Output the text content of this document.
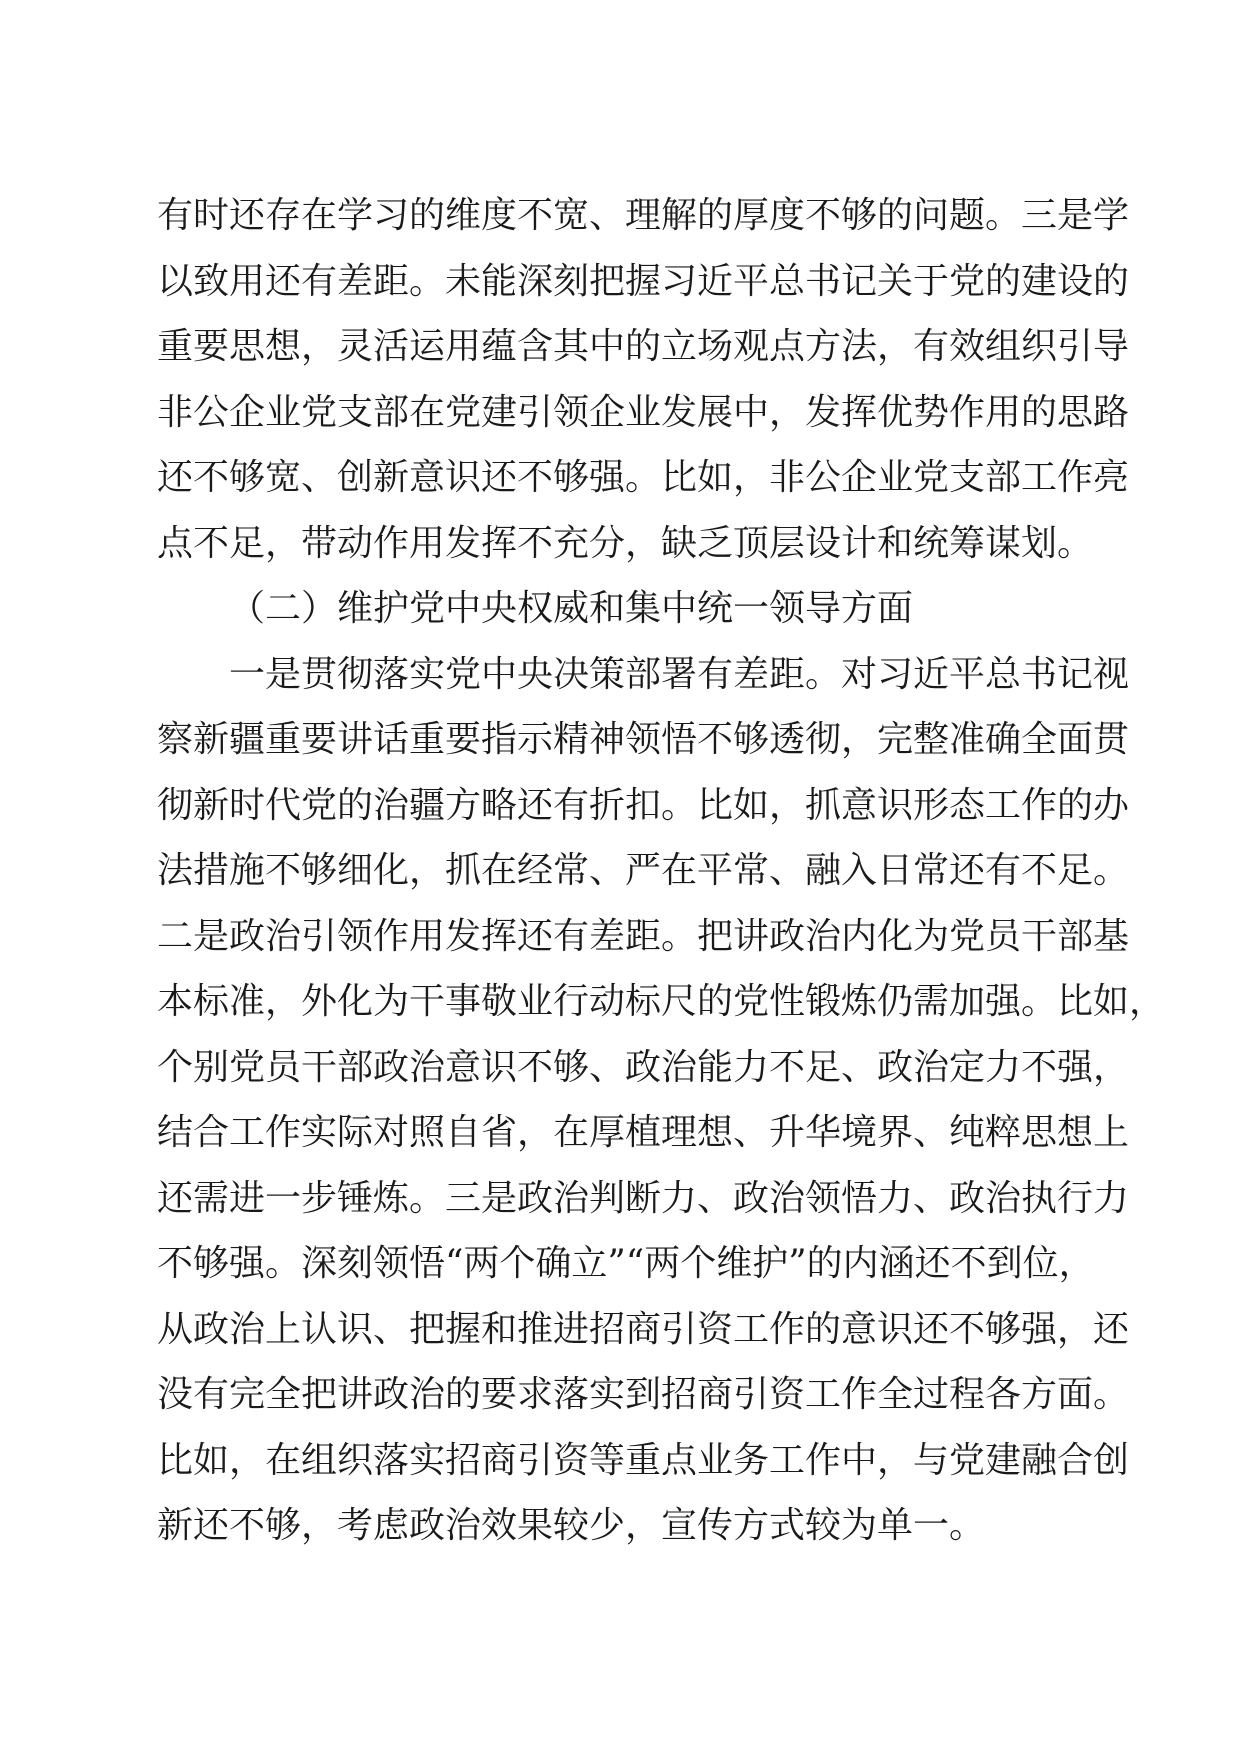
有时还存在学习的维度不宽、理解的厚度不够的问题。三是学
以致用还有差距。未能深刻把握习近平总书记关于党的建设的
重要思想，灵活运用蕴含其中的立场观点方法，有效组织引导
非公企业党支部在党建引领企业发展中，发挥优势作用的思路
还不够宽、创新意识还不够强。比如，非公企业党支部工作亮
点不足，带动作用发挥不充分，缺乏顶层设计和统筹谋划。
（二）维护党中央权威和集中统一领导方面
一是贯彻落实党中央决策部署有差距。对习近平总书记视
察新疆重要讲话重要指示精神领悟不够透彻，完整准确全面贯
彻新时代党的治疆方略还有折扣。比如，抓意识形态工作的办
法措施不够细化，抓在经常、严在平常、融入日常还有不足。
二是政治引领作用发挥还有差距。把讲政治内化为党员干部基
本标准，外化为干事敬业行动标尺的党性锻炼仍需加强。比如，
个别党员干部政治意识不够、政治能力不足、政治定力不强，
结合工作实际对照自省，在厚植理想、升华境界、纯粹思想上
还需进一步锤炼。三是政治判断力、政治领悟力、政治执行力
不够强。深刻领悟“两个确立”“两个维护”的内涵还不到位，
从政治上认识、把握和推进招商引资工作的意识还不够强，还
没有完全把讲政治的要求落实到招商引资工作全过程各方面。
比如，在组织落实招商引资等重点业务工作中，与党建融合创
新还不够，考虑政治效果较少，宣传方式较为单一。
